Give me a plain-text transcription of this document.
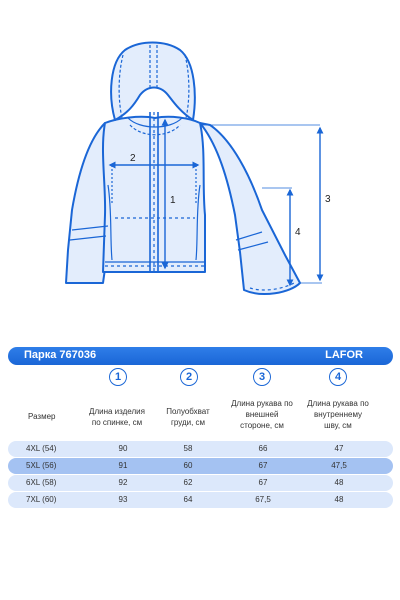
2
1	3
4
Парка 767036	LAFOR
1	2	3	4
Размер
Длина изделия
по спинке, см
Полуобхват
груди, см
Длина рукава по
внешней
стороне, см
Длина рукава по
внутреннему
шву, см
4XL (54)	90	58	66	47
5XL (56)	91	60	67	47,5
6XL (58)	92	62	67	48
7XL (60)	93	64	67,5	48
